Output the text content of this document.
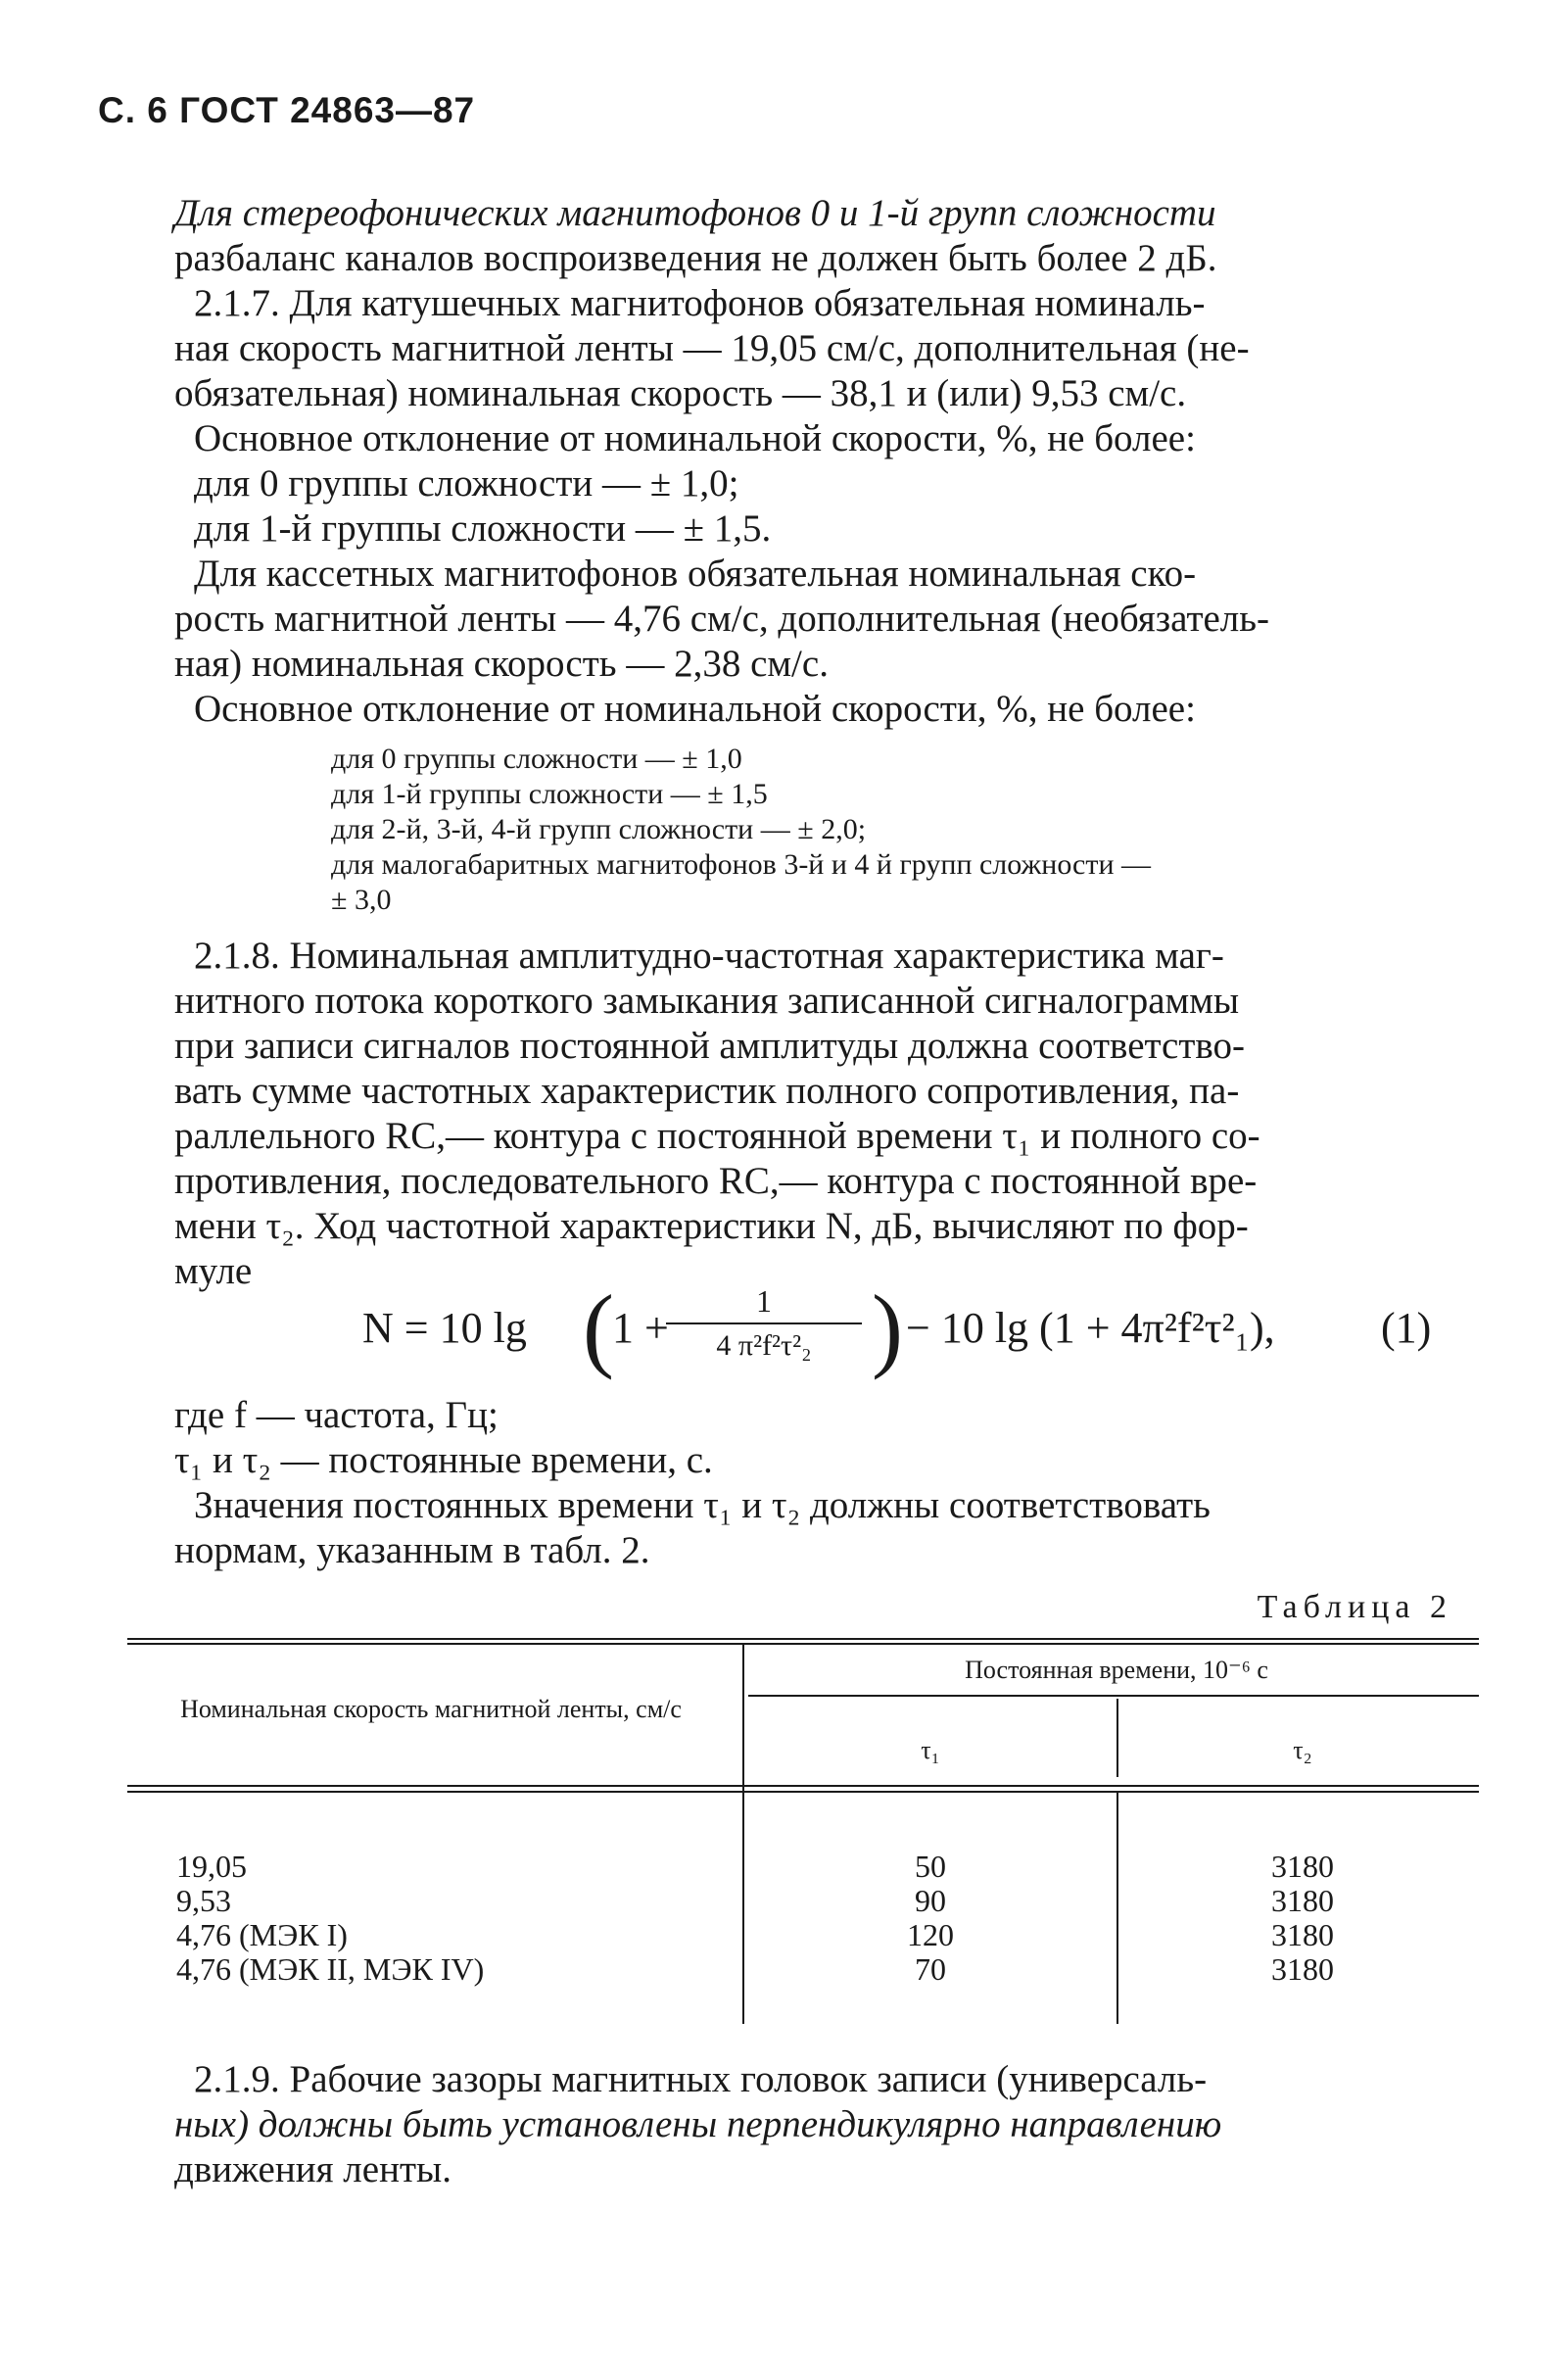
С. 6 ГОСТ 24863—87

Для стереофонических магнитофонов 0 и 1-й групп сложности

разбаланс каналов воспроизведения не должен быть более 2 дБ.

2.1.7. Для катушечных магнитофонов обязательная номиналь-

ная скорость магнитной ленты — 19,05 см/с, дополнительная (не-

обязательная) номинальная скорость — 38,1 и (или) 9,53 см/с.

Основное отклонение от номинальной скорости, %, не более:

для 0 группы сложности — ± 1,0;

для 1-й группы сложности — ± 1,5.

Для кассетных магнитофонов обязательная номинальная ско-

рость магнитной ленты — 4,76 см/с, дополнительная (необязатель-

ная) номинальная скорость — 2,38 см/с.

Основное отклонение от номинальной скорости, %, не более:

для 0 группы сложности — ± 1,0
для 1-й группы сложности — ± 1,5
для 2-й, 3-й, 4-й групп сложности — ± 2,0;
для малогабаритных магнитофонов 3-й и 4 й групп сложности —
± 3,0

2.1.8. Номинальная амплитудно-частотная характеристика маг-

нитного потока короткого замыкания записанной сигналограммы

при записи сигналов постоянной амплитуды должна соответство-

вать сумме частотных характеристик полного сопротивления, па-

раллельного RC,— контура с постоянной времени τ₁ и полного со-

противления, последовательного RC,— контура с постоянной вре-

мени τ₂. Ход частотной характеристики N, дБ, вычисляют по фор-

муле

N = 10 lg (
1 +
1
4 π²f²τ²₂ ) − 10 lg (1 + 4π²f²τ²₁), (1)

где f — частота, Гц;

τ₁ и τ₂ — постоянные времени, с.

Значения постоянных времени τ₁ и τ₂ должны соответствовать

нормам, указанным в табл. 2.

Таблица 2
Номинальная скорость магнитной ленты, см/с
Постоянная времени, 10⁻⁶ с
τ₁	τ₂
19,05	50	3180
9,53	90	3180
4,76 (МЭК I)	120	3180
4,76 (МЭК II, МЭК IV)	70	3180

2.1.9. Рабочие зазоры магнитных головок записи (универсаль-

ных) должны быть установлены перпендикулярно направлению

движения ленты.
